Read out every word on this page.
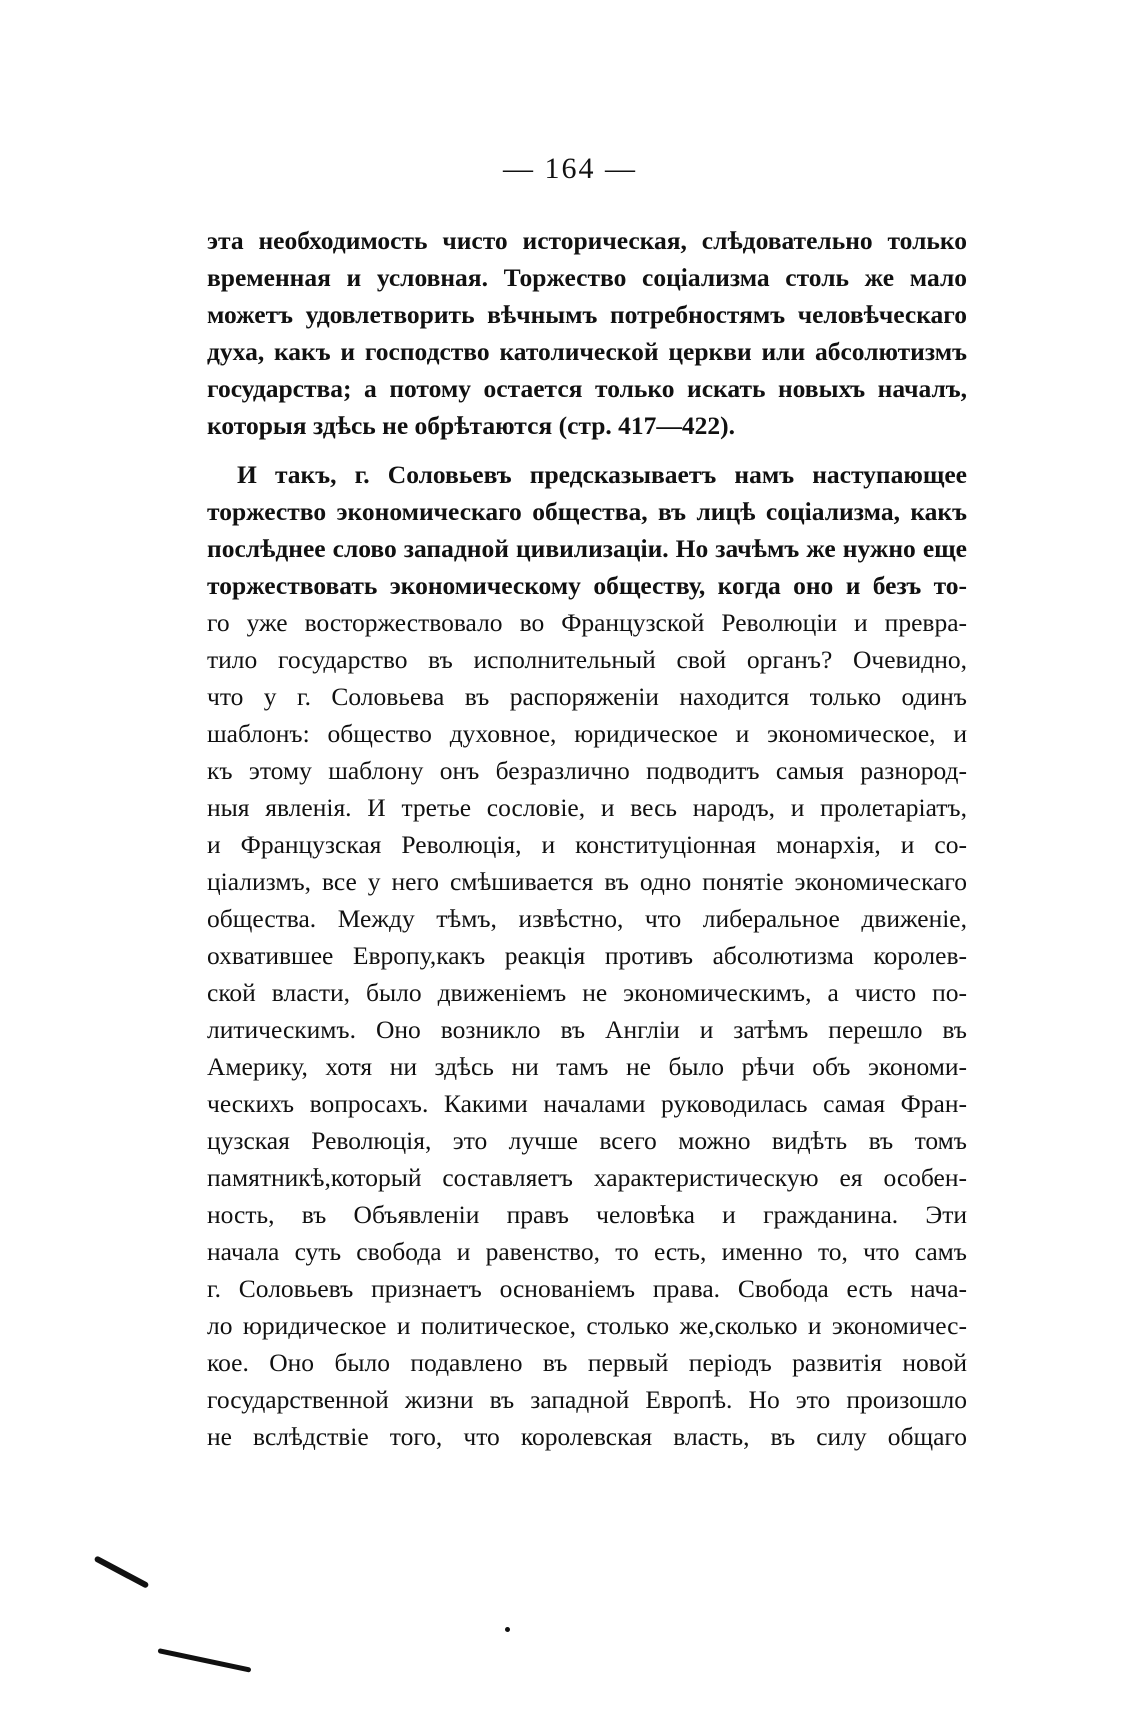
— 164 —
эта необходимость чисто историческая, слѣдовательно только
временная и условная. Торжество соціализма столь же мало
можетъ удовлетворить вѣчнымъ потребностямъ человѣческаго
духа, какъ и господство католической церкви или абсолютизмъ
государства; а потому остается только искать новыхъ началъ,
которыя здѣсь не обрѣтаются (стр. 417—422).
И такъ, г. Соловьевъ предсказываетъ намъ наступающее
торжество экономическаго общества, въ лицѣ соціализма, какъ
послѣднее слово западной цивилизаціи. Но зачѣмъ же нужно еще
торжествовать экономическому обществу, когда оно и безъ то-
го уже восторжествовало во Французской Революціи и превра-
тило государство въ исполнительный свой органъ? Очевидно,
что у г. Соловьева въ распоряженіи находится только одинъ
шаблонъ: общество духовное, юридическое и экономическое, и
къ этому шаблону онъ безразлично подводитъ самыя разнород-
ныя явленія. И третье сословіе, и весь народъ, и пролетаріатъ,
и Французская Революція, и конституціонная монархія, и со-
ціализмъ, все у него смѣшивается въ одно понятіе экономическаго
общества. Между тѣмъ, извѣстно, что либеральное движеніе,
охватившее Европу,какъ реакція противъ абсолютизма королев-
ской власти, было движеніемъ не экономическимъ, а чисто по-
литическимъ. Оно возникло въ Англіи и затѣмъ перешло въ
Америку, хотя ни здѣсь ни тамъ не было рѣчи объ экономи-
ческихъ вопросахъ. Какими началами руководилась самая Фран-
цузская Революція, это лучше всего можно видѣть въ томъ
памятникѣ,который составляетъ характеристическую ея особен-
ность, въ Объявленіи правъ человѣка и гражданина. Эти
начала суть свобода и равенство, то есть, именно то, что самъ
г. Соловьевъ признаетъ основаніемъ права. Свобода есть нача-
ло юридическое и политическое, столько же,сколько и экономичес-
кое. Оно было подавлено въ первый періодъ развитія новой
государственной жизни въ западной Европѣ. Но это произошло
не вслѣдствіе того, что королевская власть, въ силу общаго
